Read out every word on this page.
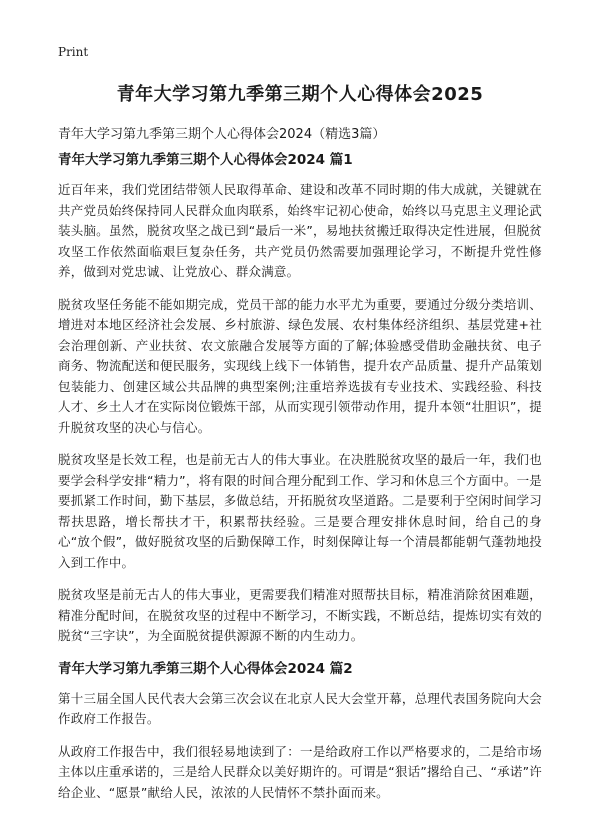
Print
青年大学习第九季第三期个人心得体会2025

青年大学习第九季第三期个人心得体会2024（精选3篇）

青年大学习第九季第三期个人心得体会2024 篇1

近百年来，我们党团结带领人民取得革命、建设和改革不同时期的伟大成就，关键就在共产党员始终保持同人民群众血肉联系，始终牢记初心使命，始终以马克思主义理论武装头脑。虽然，脱贫攻坚之战已到“最后一米”，易地扶贫搬迁取得决定性进展，但脱贫攻坚工作依然面临艰巨复杂任务，共产党员仍然需要加强理论学习，不断提升党性修养，做到对党忠诚、让党放心、群众满意。

脱贫攻坚任务能不能如期完成，党员干部的能力水平尤为重要，要通过分级分类培训、增进对本地区经济社会发展、乡村旅游、绿色发展、农村集体经济组织、基层党建+社会治理创新、产业扶贫、农文旅融合发展等方面的了解;体验感受借助金融扶贫、电子商务、物流配送和便民服务，实现线上线下一体销售，提升农产品质量、提升产品策划包装能力、创建区域公共品牌的典型案例;注重培养选拔有专业技术、实践经验、科技人才、乡土人才在实际岗位锻炼干部，从而实现引领带动作用，提升本领“壮胆识”，提升脱贫攻坚的决心与信心。

脱贫攻坚是长效工程，也是前无古人的伟大事业。在决胜脱贫攻坚的最后一年，我们也要学会科学安排“精力”，将有限的时间合理分配到工作、学习和休息三个方面中。一是要抓紧工作时间，勤下基层，多做总结，开拓脱贫攻坚道路。二是要利于空闲时间学习帮扶思路，增长帮扶才干，积累帮扶经验。三是要合理安排休息时间，给自己的身心“放个假”，做好脱贫攻坚的后勤保障工作，时刻保障让每一个清晨都能朝气蓬勃地投入到工作中。

脱贫攻坚是前无古人的伟大事业，更需要我们精准对照帮扶目标，精准消除贫困难题，精准分配时间，在脱贫攻坚的过程中不断学习，不断实践，不断总结，提炼切实有效的脱贫“三字诀”，为全面脱贫提供源源不断的内生动力。

青年大学习第九季第三期个人心得体会2024 篇2

第十三届全国人民代表大会第三次会议在北京人民大会堂开幕，总理代表国务院向大会作政府工作报告。

从政府工作报告中，我们很轻易地读到了：一是给政府工作以严格要求的，二是给市场主体以庄重承诺的，三是给人民群众以美好期许的。可谓是“狠话”撂给自己、“承诺”许给企业、“愿景”献给人民，浓浓的人民情怀不禁扑面而来。
